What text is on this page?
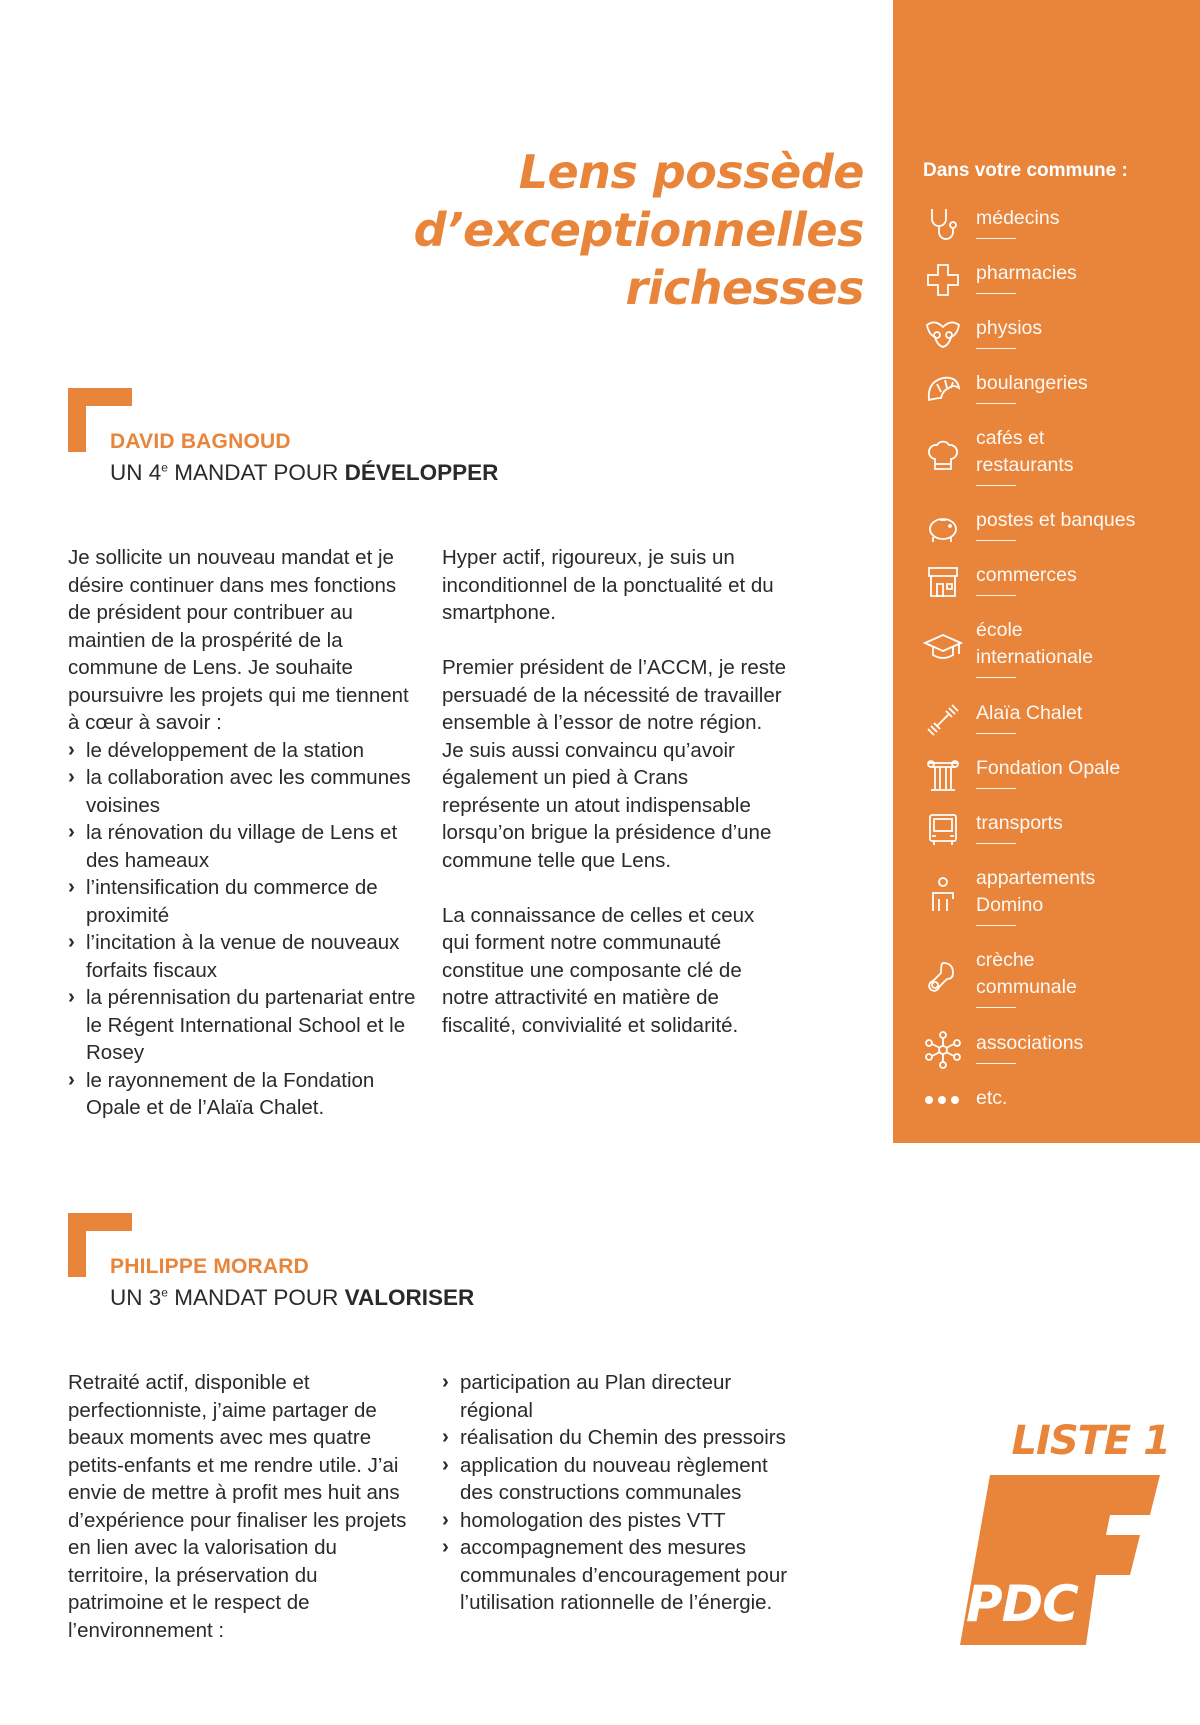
Lens possède
d’exceptionnelles
richesses
Dans votre commune :
médecins
pharmacies
physios
boulangeries
cafés et
restaurants
postes et banques
commerces
école
internationale
Alaïa Chalet
Fondation Opale
transports
appartements
Domino
crèche
communale
associations
etc.
DAVID BAGNOUD
UN 4e MANDAT POUR DÉVELOPPER
Je sollicite un nouveau mandat et je désire continuer dans mes fonctions de président pour contribuer au maintien de la prospérité de la commune de Lens. Je souhaite poursuivre les projets qui me tiennent à cœur à savoir :
› le développement de la station
› la collaboration avec les communes voisines
› la rénovation du village de Lens et des hameaux
› l’intensification du commerce de proximité
› l’incitation à la venue de nouveaux forfaits fiscaux
› la pérennisation du partenariat entre le Régent International School et le Rosey
› le rayonnement de la Fondation Opale et de l’Alaïa Chalet.

Hyper actif, rigoureux, je suis un inconditionnel de la ponctualité et du smartphone.

Premier président de l’ACCM, je reste persuadé de la nécessité de travailler ensemble à l’essor de notre région. Je suis aussi convaincu qu’avoir également un pied à Crans représente un atout indispensable lorsqu’on brigue la présidence d’une commune telle que Lens.

La connaissance de celles et ceux qui forment notre communauté constitue une composante clé de notre attractivité en matière de fiscalité, convivialité et solidarité.

PHILIPPE MORARD
UN 3e MANDAT POUR VALORISER
Retraité actif, disponible et perfectionniste, j’aime partager de beaux moments avec mes quatre petits-enfants et me rendre utile. J’ai envie de mettre à profit mes huit ans d’expérience pour finaliser les projets en lien avec la valorisation du territoire, la préservation du patrimoine et le respect de l’environnement :
› participation au Plan directeur régional
› réalisation du Chemin des pressoirs
› application du nouveau règlement des constructions communales
› homologation des pistes VTT
› accompagnement des mesures communales d’encouragement pour l’utilisation rationnelle de l’énergie.
LISTE 1
PDC
